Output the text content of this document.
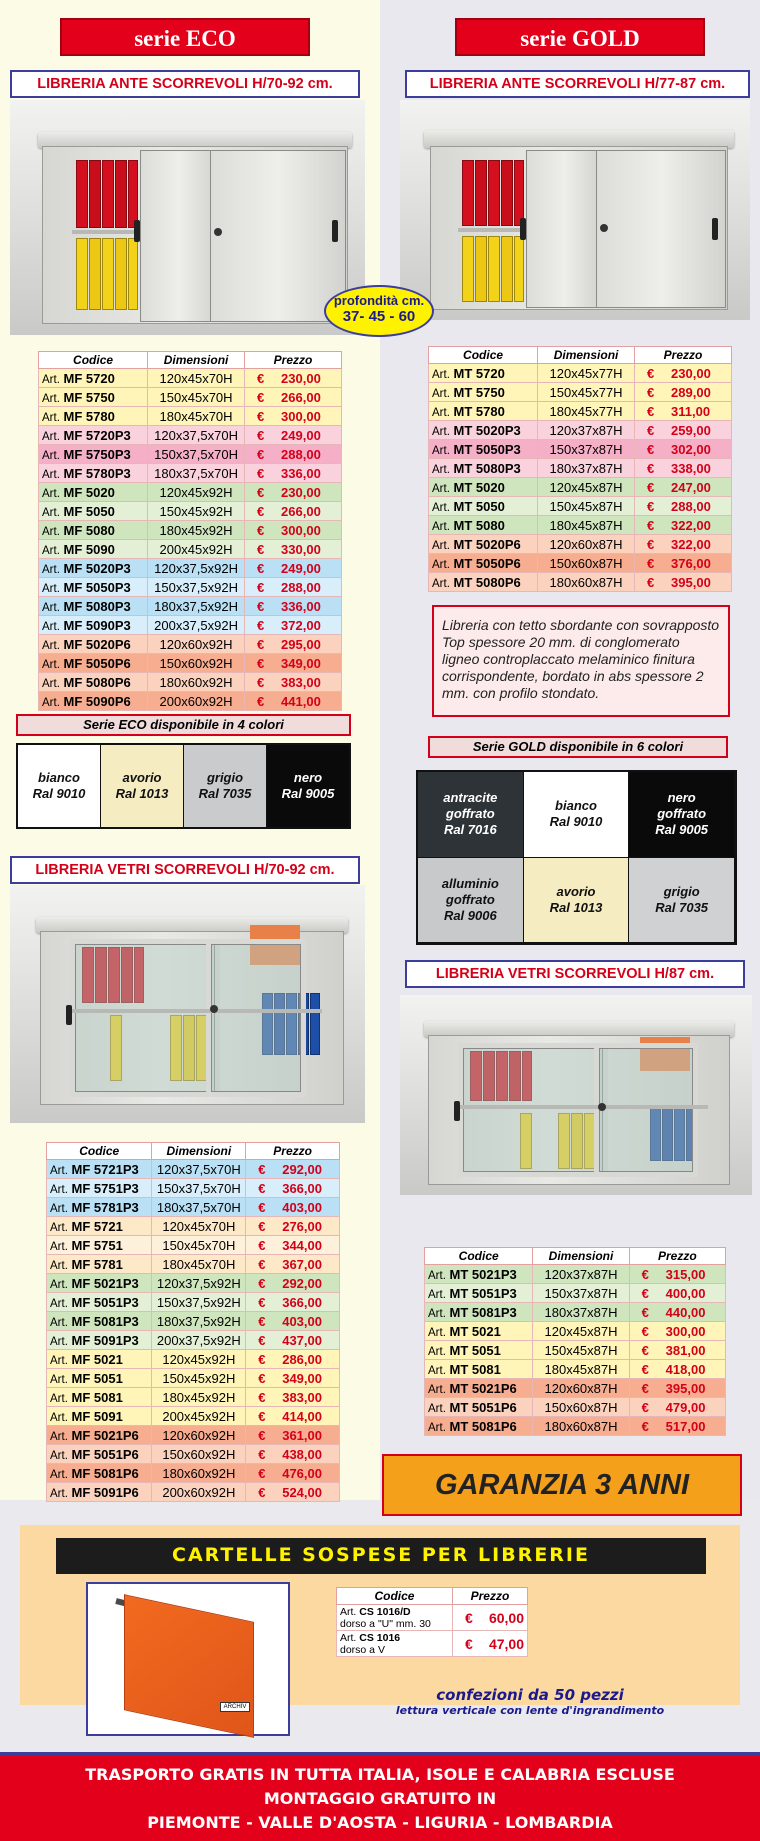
serie ECO	serie GOLD
LIBRERIA ANTE SCORREVOLI H/70-92 cm.	LIBRERIA ANTE SCORREVOLI H/77-87 cm.
profondità cm.
37- 45 - 60
Codice	Dimensioni	Prezzo
Art. MF 5720	120x45x70H	€ 230,00
Art. MF 5750	150x45x70H	€ 266,00
Art. MF 5780	180x45x70H	€ 300,00
Art. MF 5720P3	120x37,5x70H	€ 249,00
Art. MF 5750P3	150x37,5x70H	€ 288,00
Art. MF 5780P3	180x37,5x70H	€ 336,00
Art. MF 5020	120x45x92H	€ 230,00
Art. MF 5050	150x45x92H	€ 266,00
Art. MF 5080	180x45x92H	€ 300,00
Art. MF 5090	200x45x92H	€ 330,00
Art. MF 5020P3	120x37,5x92H	€ 249,00
Art. MF 5050P3	150x37,5x92H	€ 288,00
Art. MF 5080P3	180x37,5x92H	€ 336,00
Art. MF 5090P3	200x37,5x92H	€ 372,00
Art. MF 5020P6	120x60x92H	€ 295,00
Art. MF 5050P6	150x60x92H	€ 349,00
Art. MF 5080P6	180x60x92H	€ 383,00
Art. MF 5090P6	200x60x92H	€ 441,00
Codice	Dimensioni	Prezzo
Art. MT 5720	120x45x77H	€ 230,00
Art. MT 5750	150x45x77H	€ 289,00
Art. MT 5780	180x45x77H	€ 311,00
Art. MT 5020P3	120x37x87H	€ 259,00
Art. MT 5050P3	150x37x87H	€ 302,00
Art. MT 5080P3	180x37x87H	€ 338,00
Art. MT 5020	120x45x87H	€ 247,00
Art. MT 5050	150x45x87H	€ 288,00
Art. MT 5080	180x45x87H	€ 322,00
Art. MT 5020P6	120x60x87H	€ 322,00
Art. MT 5050P6	150x60x87H	€ 376,00
Art. MT 5080P6	180x60x87H	€ 395,00
Serie ECO disponibile in 4 colori
bianco
Ral 9010
avorio
Ral 1013
grigio
Ral 7035
nero
Ral 9005
Libreria con tetto sbordante con sovrapposto Top spessore 20 mm. di conglomerato ligneo controplaccato melaminico finitura corrispondente, bordato in abs spessore 2 mm. con profilo stondato.
Serie GOLD disponibile in 6 colori
antracite
goffrato
Ral 7016
bianco
Ral 9010
nero
goffrato
Ral 9005
alluminio
goffrato
Ral 9006
avorio
Ral 1013
grigio
Ral 7035
LIBRERIA VETRI SCORREVOLI H/70-92 cm.
Codice	Dimensioni	Prezzo
Art. MF 5721P3	120x37,5x70H	€ 292,00
Art. MF 5751P3	150x37,5x70H	€ 366,00
Art. MF 5781P3	180x37,5x70H	€ 403,00
Art. MF 5721	120x45x70H	€ 276,00
Art. MF 5751	150x45x70H	€ 344,00
Art. MF 5781	180x45x70H	€ 367,00
Art. MF 5021P3	120x37,5x92H	€ 292,00
Art. MF 5051P3	150x37,5x92H	€ 366,00
Art. MF 5081P3	180x37,5x92H	€ 403,00
Art. MF 5091P3	200x37,5x92H	€ 437,00
Art. MF 5021	120x45x92H	€ 286,00
Art. MF 5051	150x45x92H	€ 349,00
Art. MF 5081	180x45x92H	€ 383,00
Art. MF 5091	200x45x92H	€ 414,00
Art. MF 5021P6	120x60x92H	€ 361,00
Art. MF 5051P6	150x60x92H	€ 438,00
Art. MF 5081P6	180x60x92H	€ 476,00
Art. MF 5091P6	200x60x92H	€ 524,00
LIBRERIA VETRI SCORREVOLI H/87 cm.
Codice	Dimensioni	Prezzo
Art. MT 5021P3	120x37x87H	€ 315,00
Art. MT 5051P3	150x37x87H	€ 400,00
Art. MT 5081P3	180x37x87H	€ 440,00
Art. MT 5021	120x45x87H	€ 300,00
Art. MT 5051	150x45x87H	€ 381,00
Art. MT 5081	180x45x87H	€ 418,00
Art. MT 5021P6	120x60x87H	€ 395,00
Art. MT 5051P6	150x60x87H	€ 479,00
Art. MT 5081P6	180x60x87H	€ 517,00
GARANZIA 3 ANNI
CARTELLE SOSPESE PER LIBRERIE
ARCHIV
Codice	Prezzo
Art. CS 1016/D
dorso a "U" mm. 30	€ 60,00
Art. CS 1016
dorso a V	€ 47,00
confezioni da 50 pezzi
lettura verticale con lente d'ingrandimento
TRASPORTO GRATIS IN TUTTA ITALIA, ISOLE E CALABRIA ESCLUSE
MONTAGGIO GRATUITO IN
PIEMONTE - VALLE D'AOSTA - LIGURIA - LOMBARDIA
